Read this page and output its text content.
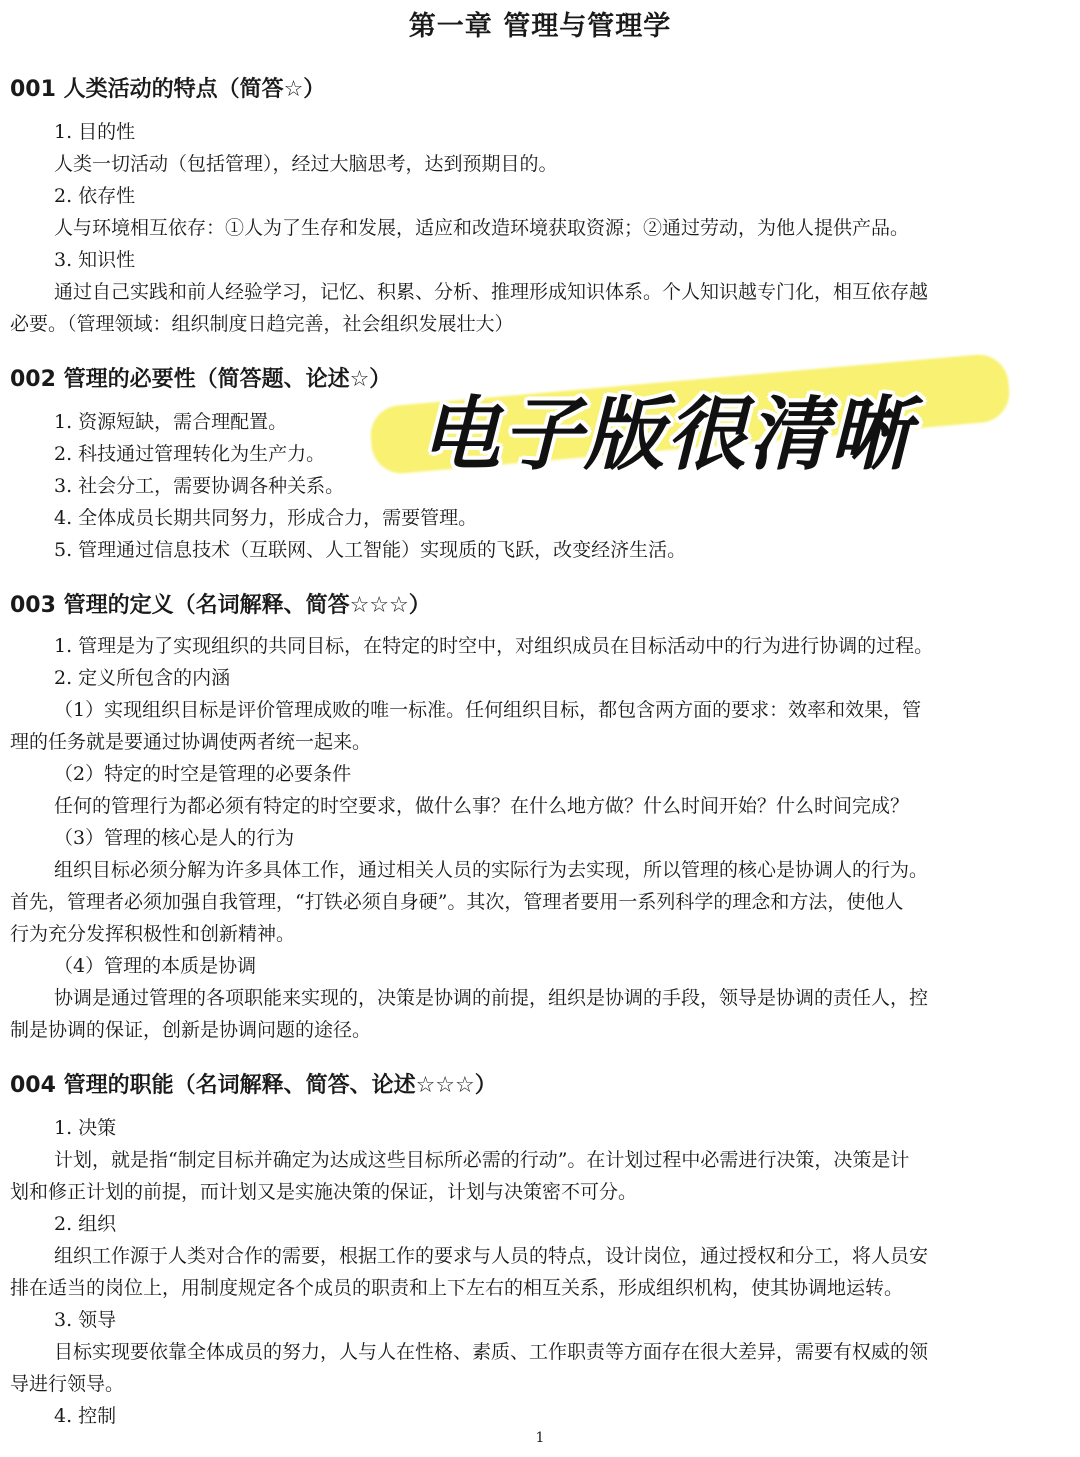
第一章 管理与管理学
001 人类活动的特点（简答☆）
1. 目的性
人类一切活动（包括管理），经过大脑思考，达到预期目的。
2. 依存性
人与环境相互依存：①人为了生存和发展，适应和改造环境获取资源；②通过劳动，为他人提供产品。
3. 知识性
通过自己实践和前人经验学习，记忆、积累、分析、推理形成知识体系。个人知识越专门化，相互依存越
必要。（管理领域：组织制度日趋完善，社会组织发展壮大）
002 管理的必要性（简答题、论述☆）
1. 资源短缺，需合理配置。
2. 科技通过管理转化为生产力。
3. 社会分工，需要协调各种关系。
4. 全体成员长期共同努力，形成合力，需要管理。
5. 管理通过信息技术（互联网、人工智能）实现质的飞跃，改变经济生活。
003 管理的定义（名词解释、简答☆☆☆）
1. 管理是为了实现组织的共同目标，在特定的时空中，对组织成员在目标活动中的行为进行协调的过程。
2. 定义所包含的内涵
（1）实现组织目标是评价管理成败的唯一标准。任何组织目标，都包含两方面的要求：效率和效果，管
理的任务就是要通过协调使两者统一起来。
（2）特定的时空是管理的必要条件
任何的管理行为都必须有特定的时空要求，做什么事？在什么地方做？什么时间开始？什么时间完成？
（3）管理的核心是人的行为
组织目标必须分解为许多具体工作，通过相关人员的实际行为去实现，所以管理的核心是协调人的行为。
首先，管理者必须加强自我管理，“打铁必须自身硬”。其次，管理者要用一系列科学的理念和方法，使他人
行为充分发挥积极性和创新精神。
（4）管理的本质是协调
协调是通过管理的各项职能来实现的，决策是协调的前提，组织是协调的手段，领导是协调的责任人，控
制是协调的保证，创新是协调问题的途径。
004 管理的职能（名词解释、简答、论述☆☆☆）
1. 决策
计划，就是指“制定目标并确定为达成这些目标所必需的行动”。在计划过程中必需进行决策，决策是计
划和修正计划的前提，而计划又是实施决策的保证，计划与决策密不可分。
2. 组织
组织工作源于人类对合作的需要，根据工作的要求与人员的特点，设计岗位，通过授权和分工，将人员安
排在适当的岗位上，用制度规定各个成员的职责和上下左右的相互关系，形成组织机构，使其协调地运转。
3. 领导
目标实现要依靠全体成员的努力，人与人在性格、素质、工作职责等方面存在很大差异，需要有权威的领
导进行领导。
4. 控制
1
电子版很清晰
